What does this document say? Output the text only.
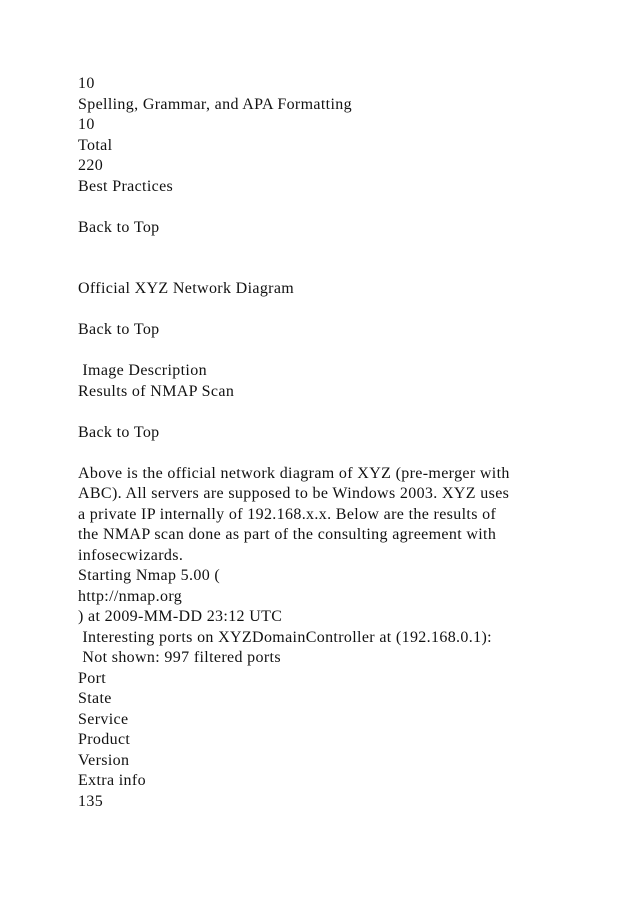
10
Spelling, Grammar, and APA Formatting
10
Total
220
Best Practices
Back to Top
Official XYZ Network Diagram
Back to Top
Image Description
Results of NMAP Scan
Back to Top
Above is the official network diagram of XYZ (pre-merger with
ABC). All servers are supposed to be Windows 2003. XYZ uses
a private IP internally of 192.168.x.x. Below are the results of
the NMAP scan done as part of the consulting agreement with
infosecwizards.
Starting Nmap 5.00 (
http://nmap.org
) at 2009-MM-DD 23:12 UTC
Interesting ports on XYZDomainController at (192.168.0.1):
Not shown: 997 filtered ports
Port
State
Service
Product
Version
Extra info
135
